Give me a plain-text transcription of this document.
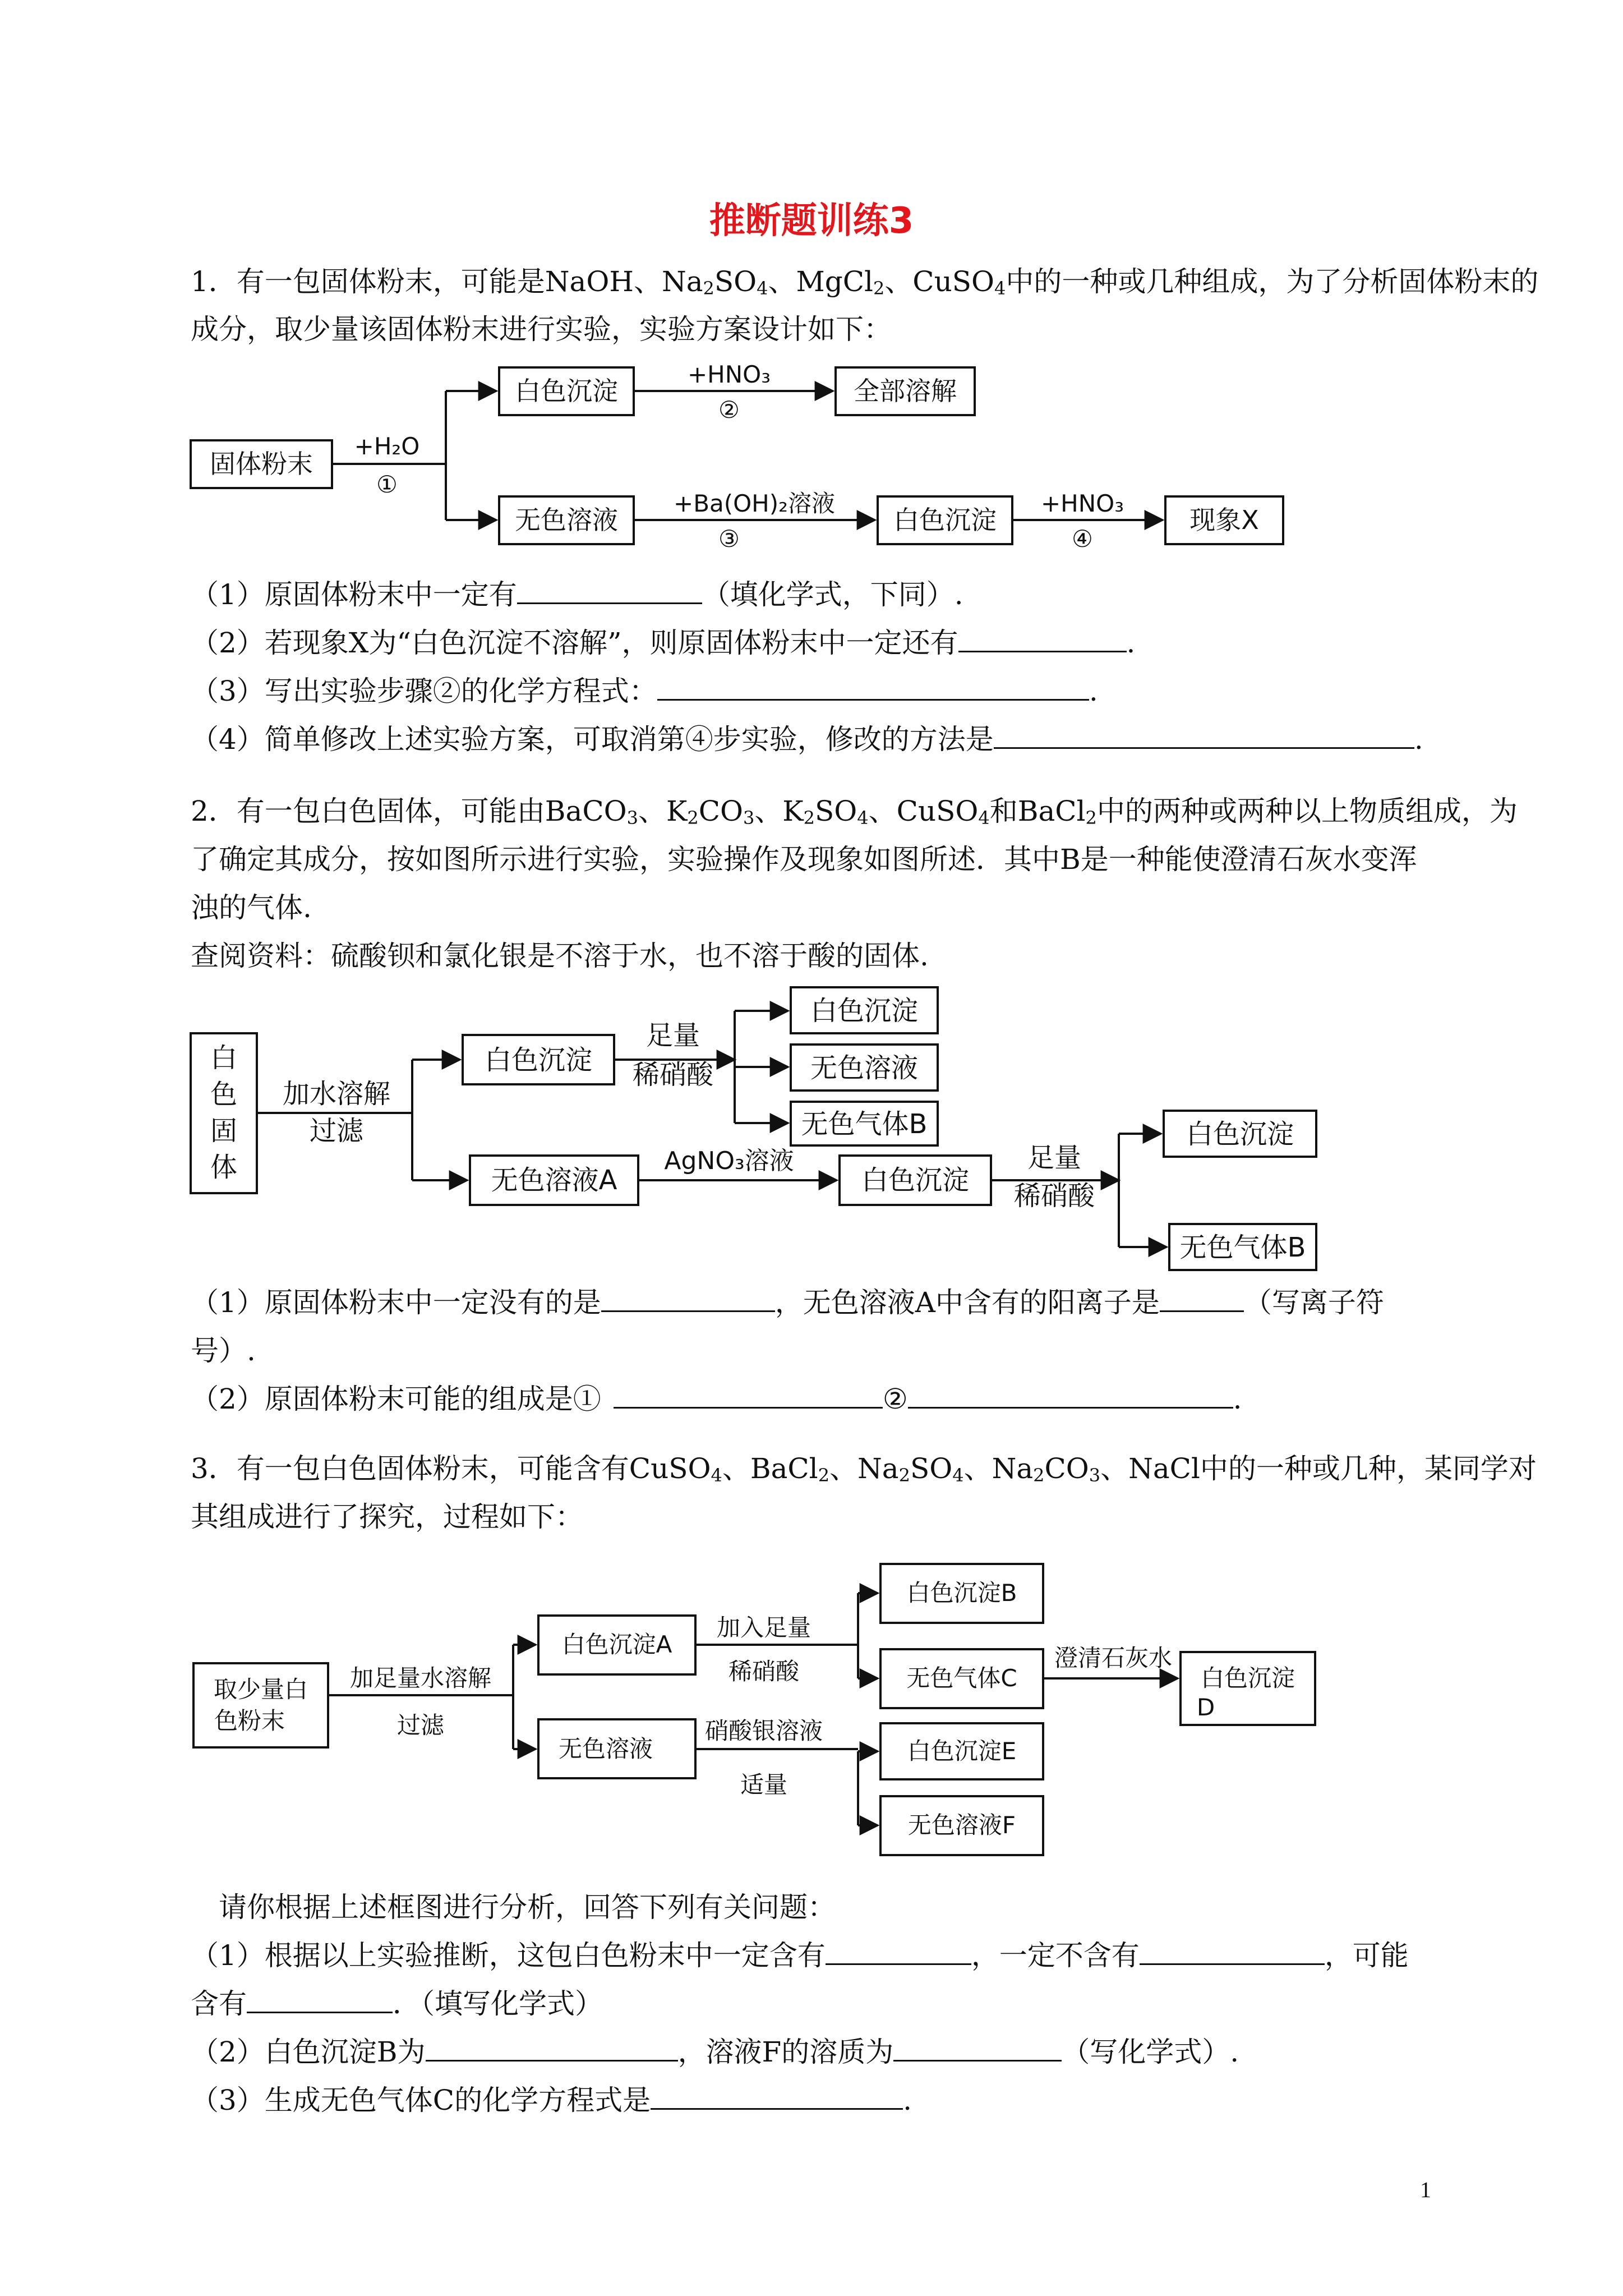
推断题训练3
1．有一包固体粉末，可能是NaOH、$Na_2SO_4$、MgCl$_2$、CuSO$_4$中的一种或几种组成，为了分析固体粉末的
成分，取少量该固体粉末进行实验，实验方案设计如下：
固体粉末
白色沉淀	全部溶解
无色溶液	白色沉淀	现象X
+H₂O
①
+HNO₃
②
+Ba(OH)₂溶液
③
+HNO₃
④
（1）原固体粉末中一定有	（填化学式，下同）.
（2）若现象X为“白色沉淀不溶解”，则原固体粉末中一定还有	.
（3）写出实验步骤②的化学方程式：	.
（4）简单修改上述实验方案，可取消第④步实验，修改的方法是	.
2．有一包白色固体，可能由BaCO$_3$、$K_2CO_3$、$K_2SO_4$、CuSO$_4$和BaCl$_2$中的两种或两种以上物质组成，为
了确定其成分，按如图所示进行实验，实验操作及现象如图所述．其中B是一种能使澄清石灰水变浑
浊的气体.
查阅资料：硫酸钡和氯化银是不溶于水，也不溶于酸的固体.
白
色
固
体
加水溶解
过滤
白色沉淀
足量
稀硝酸
白色沉淀
无色溶液
无色气体B
无色溶液A
AgNO₃溶液
白色沉淀
足量
稀硝酸
白色沉淀
无色气体B
（1）原固体粉末中一定没有的是	，无色溶液A中含有的阳离子是	（写离子符
号）.
（2）原固体粉末可能的组成是①	②	.
3．有一包白色固体粉末，可能含有CuSO$_4$、BaCl$_2$、$Na_2SO_4$、$Na_2CO_3$、NaCl中的一种或几种，某同学对
其组成进行了探究，过程如下：
取少量白
色粉末
加足量水溶解
过滤
白色沉淀A
加入足量
稀硝酸
白色沉淀B
无色气体C
澄清石灰水
白色沉淀
D
无色溶液
硝酸银溶液
适量
白色沉淀E
无色溶液F
请你根据上述框图进行分析，回答下列有关问题：
（1）根据以上实验推断，这包白色粉末中一定含有	，一定不含有	，可能
含有	．（填写化学式）
（2）白色沉淀B为	，溶液F的溶质为	（写化学式）.
（3）生成无色气体C的化学方程式是	.
1
